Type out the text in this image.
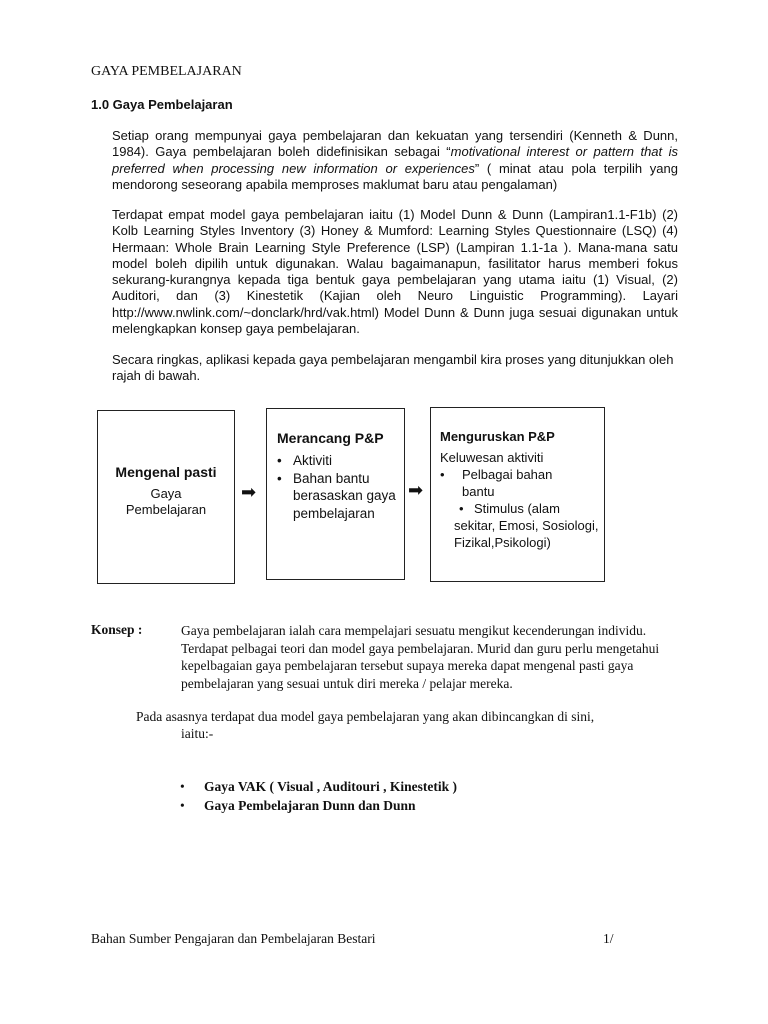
GAYA PEMBELAJARAN
1.0 Gaya Pembelajaran

Setiap orang mempunyai gaya pembelajaran dan kekuatan yang tersendiri (Kenneth & Dunn, 1984). Gaya pembelajaran boleh didefinisikan sebagai “motivational interest or pattern that is preferred when processing new information or experiences” ( minat atau pola terpilih yang mendorong seseorang apabila memproses maklumat baru atau pengalaman)

Terdapat empat model gaya pembelajaran iaitu (1) Model Dunn & Dunn (Lampiran1.1-F1b) (2) Kolb Learning Styles Inventory (3) Honey & Mumford: Learning Styles Questionnaire (LSQ) (4) Hermaan: Whole Brain Learning Style Preference (LSP) (Lampiran 1.1-1a ). Mana-mana satu model boleh dipilih untuk digunakan. Walau bagaimanapun, fasilitator harus memberi fokus sekurang-kurangnya kepada tiga bentuk gaya pembelajaran yang utama iaitu (1) Visual, (2) Auditori, dan (3) Kinestetik (Kajian oleh Neuro Linguistic Programming). Layari http://www.nwlink.com/~donclark/hrd/vak.html) Model Dunn & Dunn juga sesuai digunakan untuk melengkapkan konsep gaya pembelajaran.

Secara ringkas, aplikasi kepada gaya pembelajaran mengambil kira proses yang ditunjukkan oleh rajah di bawah.

Mengenal pasti
Gaya
Pembelajaran
➡
Merancang P&P
• Aktiviti
• Bahan bantu berasaskan gaya pembelajaran
➡
Menguruskan P&P
Keluwesan aktiviti
•	Pelbagai bahan bantu
• Stimulus (alam sekitar, Emosi, Sosiologi, Fizikal,Psikologi)
Konsep :	Gaya pembelajaran ialah cara mempelajari sesuatu mengikut kecenderungan individu. Terdapat pelbagai teori dan model gaya pembelajaran. Murid dan guru perlu mengetahui kepelbagaian gaya pembelajaran tersebut supaya mereka dapat mengenal pasti gaya pembelajaran yang sesuai untuk diri mereka / pelajar mereka.

Pada asasnya terdapat dua model gaya pembelajaran yang akan dibincangkan di sini,
iaitu:-
• Gaya VAK ( Visual , Auditouri , Kinestetik )
• Gaya Pembelajaran Dunn dan Dunn
Bahan Sumber Pengajaran dan Pembelajaran Bestari	1/
